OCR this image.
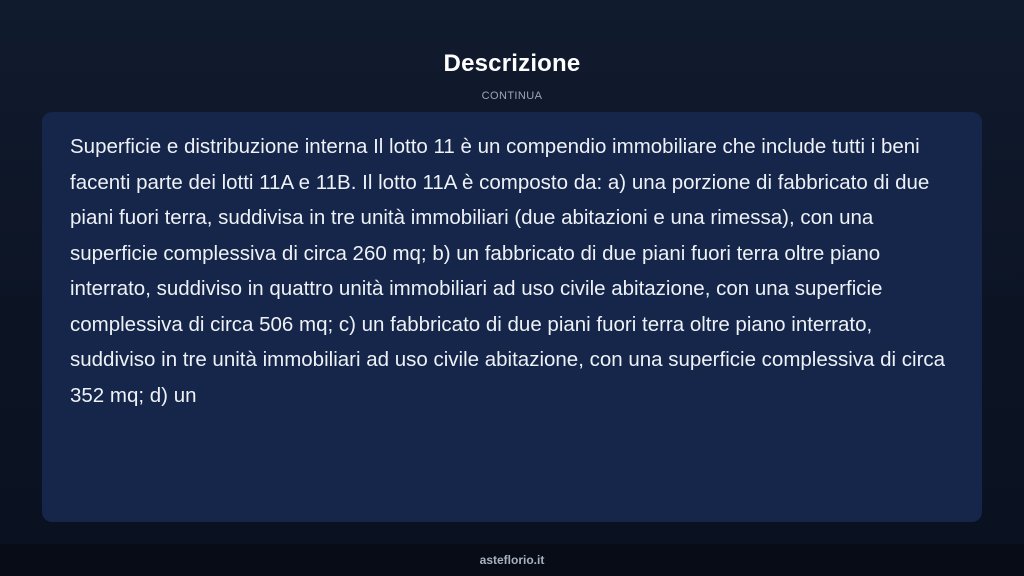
Descrizione
CONTINUA

Superficie e distribuzione interna Il lotto 11 è un compendio immobiliare che include tutti i beni facenti parte dei lotti 11A e 11B. Il lotto 11A è composto da: a) una porzione di fabbricato di due piani fuori terra, suddivisa in tre unità immobiliari (due abitazioni e una rimessa), con una superficie complessiva di circa 260 mq; b) un fabbricato di due piani fuori terra oltre piano interrato, suddiviso in quattro unità immobiliari ad uso civile abitazione, con una superficie complessiva di circa 506 mq; c) un fabbricato di due piani fuori terra oltre piano interrato, suddiviso in tre unità immobiliari ad uso civile abitazione, con una superficie complessiva di circa 352 mq; d) un

asteflorio.it
